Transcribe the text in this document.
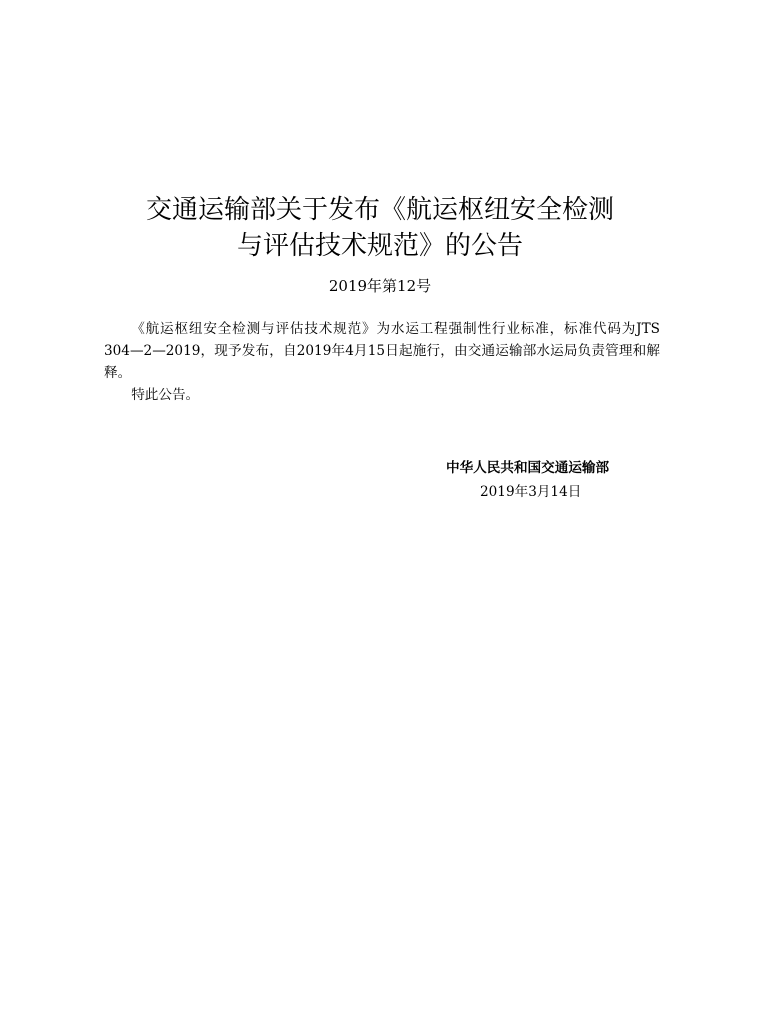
交通运输部关于发布《航运枢纽安全检测
与评估技术规范》的公告
2019年第12号

《航运枢纽安全检测与评估技术规范》为水运工程强制性行业标准，标准代码为JTS 304—2—2019，现予发布，自2019年4月15日起施行，由交通运输部水运局负责管理和解释。

特此公告。

中华人民共和国交通运输部
2019年3月14日
